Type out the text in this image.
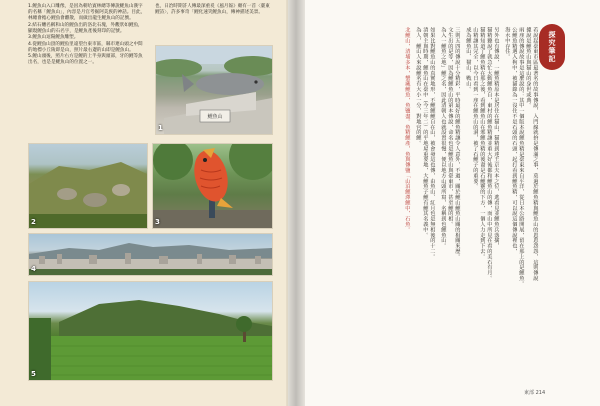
1.鯉魚山入口雕像，是因為朝哈賓林總等傳說鯉魚山漢字的名稱「鯉魚山」，內容是月官考掘阿美族的神話。目此，林總會擔心鯉魚會離散，而做出龍生鯉魚山的記號。

2.結石纏名稱和山的鯉魚出的洛北石塊，外觀狀如鯉魚，顯現鯉魚山的石名字，是鯉魚產後刻印的記號。

3.鯉魚山逗陽鯉魚雕塑。

4.從鯉魚山頂的鯉魚里遠望台東市區，縣市連山頭之中間的地標小丘陵即是山，照片最右邊的山即是鯉魚山。

5.鯉山頭後，照片右方是鯉的上半身與頭部，牙的鯉等魚出名，也是是鯉魚山的位置之一。

也，日治時期許人傳最深重爰《風月報》頗有一首〈臺東鯉詩〉，許多事奇「鯉化速笑鯉魚山，傳神描述美景。

鯉魚山
1
2	3
4
5
探究筆記
若說起臺東市區最著名的故事傳說，入門線就拚是傳滿之事，莫過於鯉魚精與鯉魚山的恩恩怨怨，這則傳說
據說是鯉魚山與猫山的身世或典。
兩座的傳說故事是這麼說的：其中一個版本說鯉魚精是臺東來自平洋，從日本公路開展，留在那上的是鯉魚。
公鯉魚精遇入狗中，被貓錄為一沒住不是石頭的石頭，起打看到鯉魚精，可以說這個傳說裡也，
海水中存住。
另外也有傳說，一鯉魚精原本是居住在猫山，猫精到達王京夫本之位，逃看見並鯉魚兵落擒，
猫精聽說了就急忙大動鯉魚自，東村的鯉魚精讓並重大好後都和鯉魚山的傳，而山中所見在看的美石有月。
猫精知道了鯉魚精在那之後，看到鯉魚山在邪鯉魚精的後裔是石鯉靈的下方，一個人力走到下去。
山精讓其完全，以今日看到一座在鯉魚山的洞，被了石鯉子的重要。
成為鯉魚山、猫山、戰山。
三則五四的傳說十分精彩，平時最好的鯉魚精讓令人意外，不過，關於鯉山鯉魚山關的相關來歷。
文生出的是等，因為鯉鯉魚山的第本傳說，命名也是鯉魚山與臺東市，甚至鯉的相。
為入一鯉魚之地」鯉之名，因此清朝人也就設置很慢，便以地方山頭所寫，名稱到也鯉魚山。
如果比對鯉魚山的真實地形，不鯉鯉鯉自在山，被會發這也傳，由魚山、紅月也是無相後的十二。
清朝主與時期，鯉魚山在臺中（今三年二）的平地屋重要地，大鯉魚子鯉有鯉其名義中。
為人，鯉山人來說鯉名有大小一分，對地官的鯉。
北鯉山，清埔多本，蟹藏鯉魚，魚鹽盡。魚精鯉產，魚與傳鹽「山泊鯉澤鯉中，石魚。
東部 214
